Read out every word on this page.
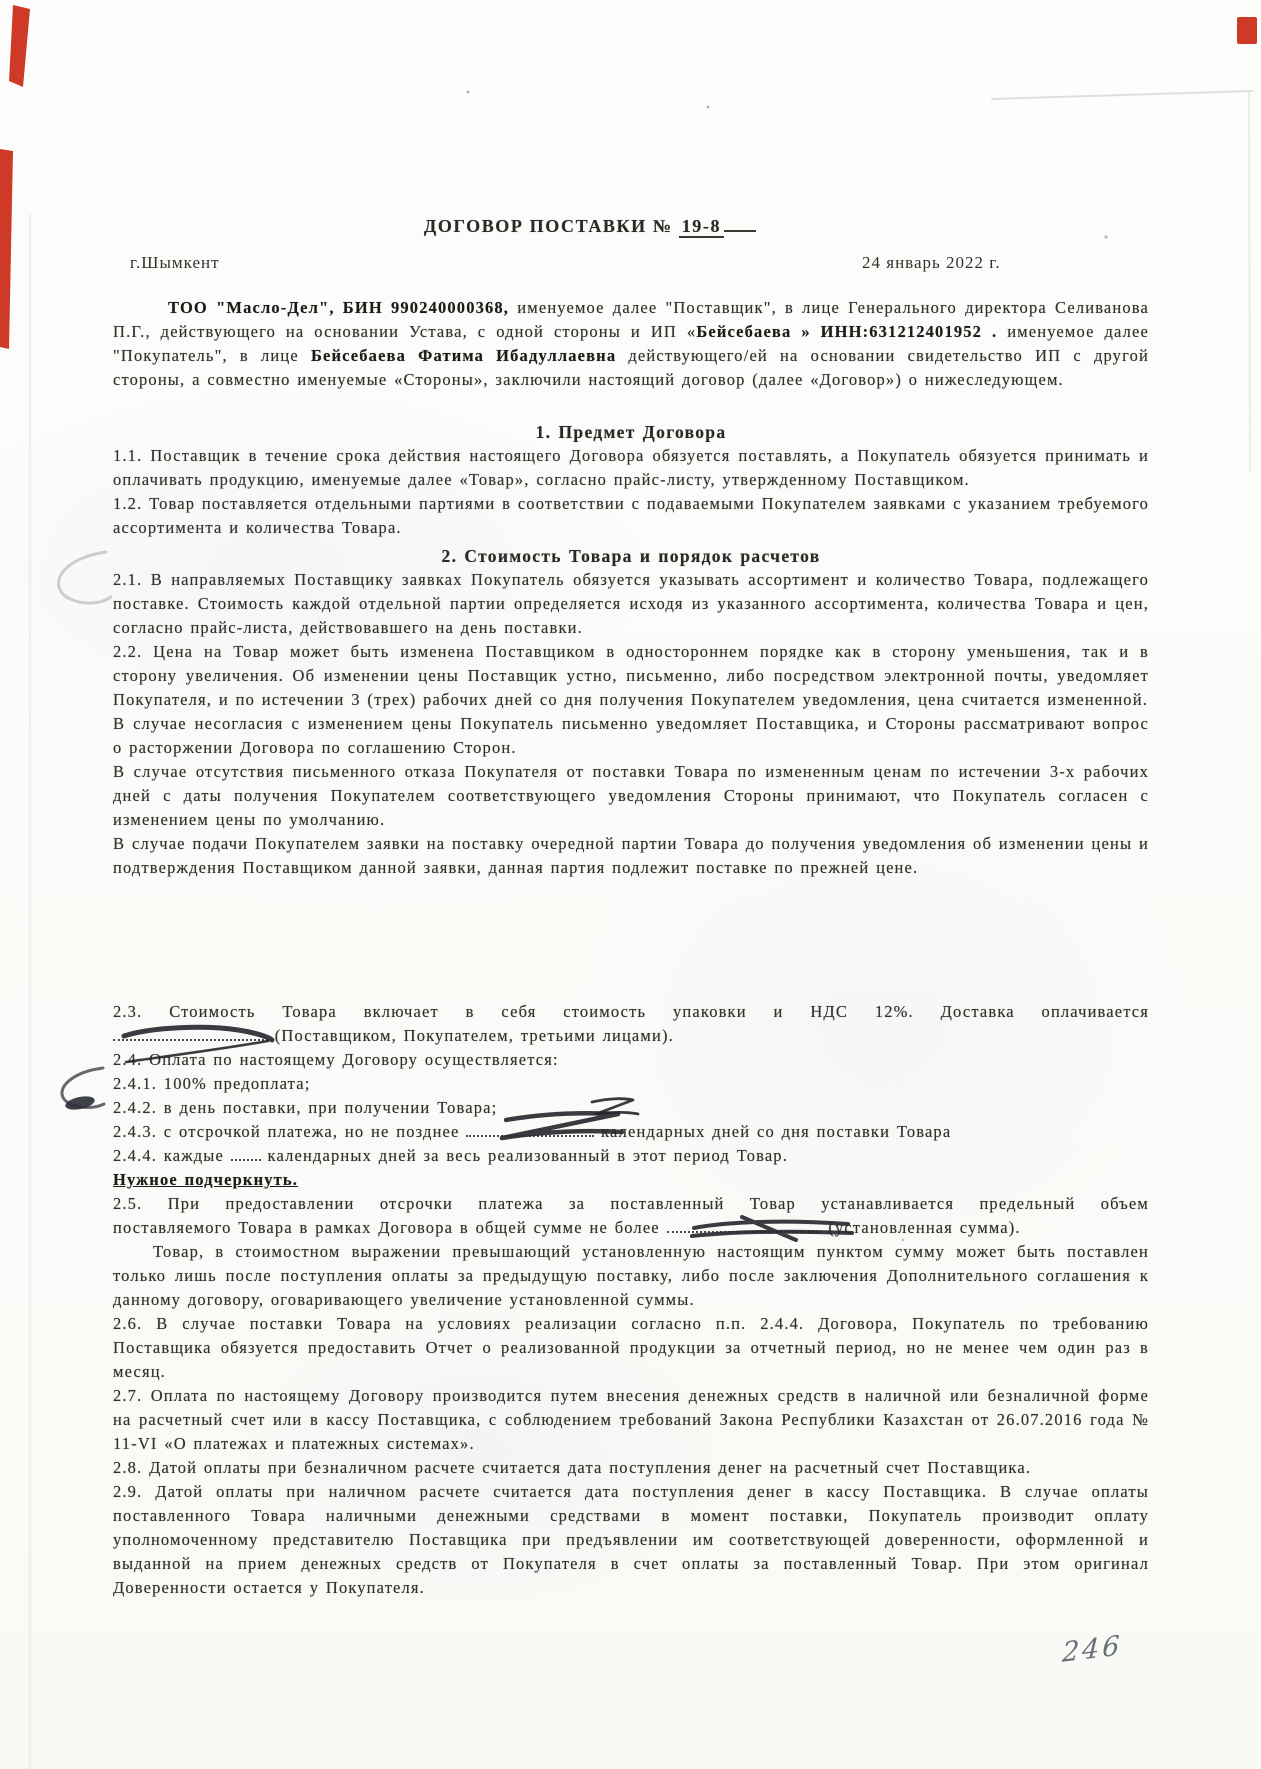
ДОГОВОР ПОСТАВКИ № 19-8
г.Шымкент	24 январь 2022 г.

ТОО "Масло-Дел", БИН 990240000368, именуемое далее "Поставщик", в лице Генерального директора Селиванова П.Г., действующего на основании Устава, с одной стороны и ИП «Бейсебаева » ИНН:631212401952 . именуемое далее "Покупатель", в лице Бейсебаева Фатима Ибадуллаевна действующего/ей на основании свидетельство ИП с другой стороны, а совместно именуемые «Стороны», заключили настоящий договор (далее «Договор») о нижеследующем.

1. Предмет Договора

1.1. Поставщик в течение срока действия настоящего Договора обязуется поставлять, а Покупатель обязуется принимать и оплачивать продукцию, именуемые далее «Товар», согласно прайс-листу, утвержденному Поставщиком.

1.2. Товар поставляется отдельными партиями в соответствии с подаваемыми Покупателем заявками с указанием требуемого ассортимента и количества Товара.

2. Стоимость Товара и порядок расчетов

2.1. В направляемых Поставщику заявках Покупатель обязуется указывать ассортимент и количество Товара, подлежащего поставке. Стоимость каждой отдельной партии определяется исходя из указанного ассортимента, количества Товара и цен, согласно прайс-листа, действовавшего на день поставки.

2.2. Цена на Товар может быть изменена Поставщиком в одностороннем порядке как в сторону уменьшения, так и в сторону увеличения. Об изменении цены Поставщик устно, письменно, либо посредством электронной почты, уведомляет Покупателя, и по истечении 3 (трех) рабочих дней со дня получения Покупателем уведомления, цена считается измененной.

В случае несогласия с изменением цены Покупатель письменно уведомляет Поставщика, и Стороны рассматривают вопрос о расторжении Договора по соглашению Сторон.

В случае отсутствия письменного отказа Покупателя от поставки Товара по измененным ценам по истечении 3-х рабочих дней с даты получения Покупателем соответствующего уведомления Стороны принимают, что Покупатель согласен с изменением цены по умолчанию.

В случае подачи Покупателем заявки на поставку очередной партии Товара до получения уведомления об изменении цены и подтверждения Поставщиком данной заявки, данная партия подлежит поставке по прежней цене.

2.3. Стоимость Товара включает в себя стоимость упаковки и НДС 12%. Доставка оплачивается

(Поставщиком, Покупателем, третьими лицами).

2.4. Оплата по настоящему Договору осуществляется:

2.4.1. 100% предоплата;

2.4.2. в день поставки, при получении Товара;

2.4.3. с отсрочкой платежа, но не позднее	календарных дней со дня поставки Товара

2.4.4. каждые  календарных дней за весь реализованный в этот период Товар.

Нужное подчеркнуть.

2.5. При предоставлении отсрочки платежа за поставленный Товар устанавливается предельный объем

поставляемого Товара в рамках Договора в общей сумме не более	(установленная сумма).

Товар, в стоимостном выражении превышающий установленную настоящим пунктом сумму может быть поставлен только лишь после поступления оплаты за предыдущую поставку, либо после заключения Дополнительного соглашения к данному договору, оговаривающего увеличение установленной суммы.

2.6. В случае поставки Товара на условиях реализации согласно п.п. 2.4.4. Договора, Покупатель по требованию Поставщика обязуется предоставить Отчет о реализованной продукции за отчетный период, но не менее чем один раз в месяц.

2.7. Оплата по настоящему Договору производится путем внесения денежных средств в наличной или безналичной форме на расчетный счет или в кассу Поставщика, с соблюдением требований Закона Республики Казахстан от 26.07.2016 года № 11-VI «О платежах и платежных системах».

2.8. Датой оплаты при безналичном расчете считается дата поступления денег на расчетный счет Поставщика.

2.9. Датой оплаты при наличном расчете считается дата поступления денег в кассу Поставщика. В случае оплаты поставленного Товара наличными денежными средствами в момент поставки, Покупатель производит оплату уполномоченному представителю Поставщика при предъявлении им соответствующей доверенности, оформленной и выданной на прием денежных средств от Покупателя в счет оплаты за поставленный Товар. При этом оригинал Доверенности остается у Покупателя.

246
